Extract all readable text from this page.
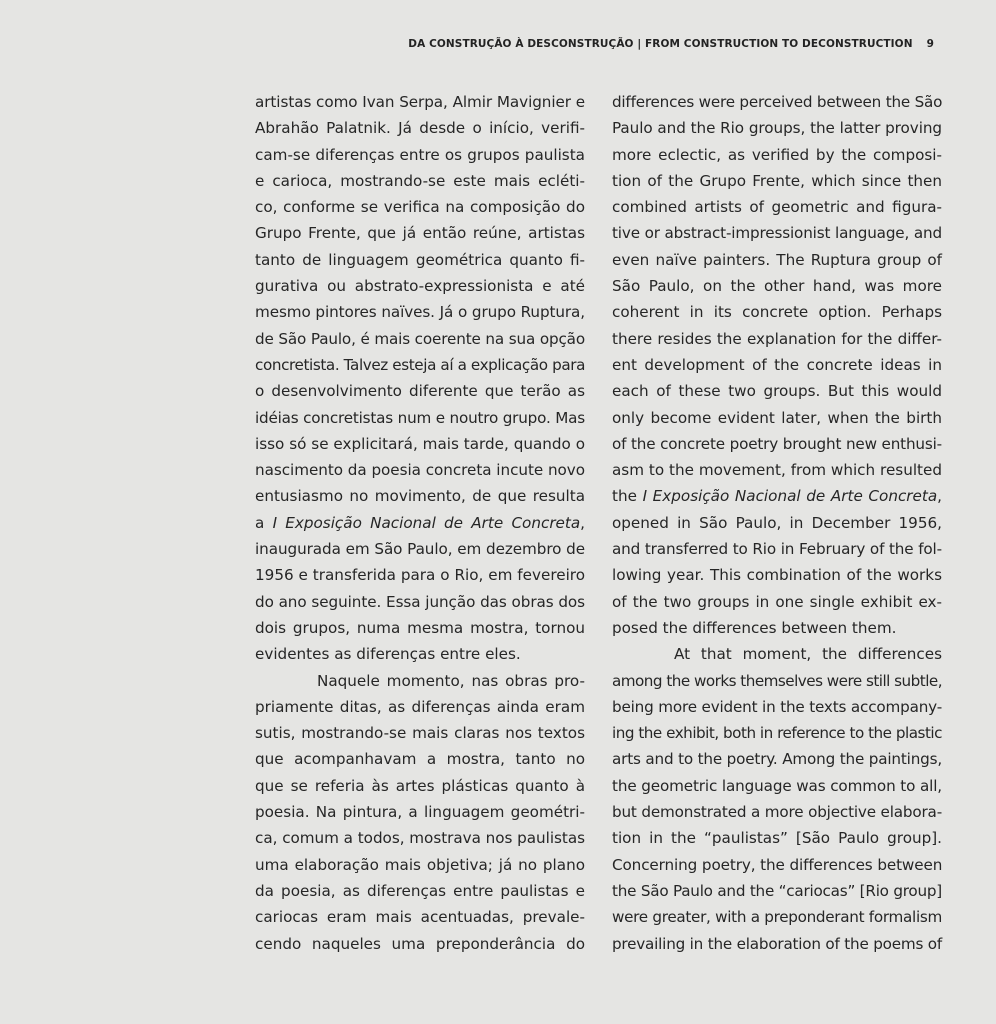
DA CONSTRUÇÃO À DESCONSTRUÇÃO | FROM CONSTRUCTION TO DECONSTRUCTION 9
artistas como Ivan Serpa, Almir Mavignier e
Abrahão Palatnik. Já desde o início, verifi-
cam-se diferenças entre os grupos paulista
e carioca, mostrando-se este mais ecléti-
co, conforme se verifica na composição do
Grupo Frente, que já então reúne, artistas
tanto de linguagem geométrica quanto fi-
gurativa ou abstrato-expressionista e até
mesmo pintores naïves. Já o grupo Ruptura,
de São Paulo, é mais coerente na sua opção
concretista. Talvez esteja aí a explicação para
o desenvolvimento diferente que terão as
idéias concretistas num e noutro grupo. Mas
isso só se explicitará, mais tarde, quando o
nascimento da poesia concreta incute novo
entusiasmo no movimento, de que resulta
a I Exposição Nacional de Arte Concreta,
inaugurada em São Paulo, em dezembro de
1956 e transferida para o Rio, em fevereiro
do ano seguinte. Essa junção das obras dos
dois grupos, numa mesma mostra, tornou
evidentes as diferenças entre eles.
Naquele momento, nas obras pro-
priamente ditas, as diferenças ainda eram
sutis, mostrando-se mais claras nos textos
que acompanhavam a mostra, tanto no
que se referia às artes plásticas quanto à
poesia. Na pintura, a linguagem geométri-
ca, comum a todos, mostrava nos paulistas
uma elaboração mais objetiva; já no plano
da poesia, as diferenças entre paulistas e
cariocas eram mais acentuadas, prevale-
cendo naqueles uma preponderância do
differences were perceived between the São
Paulo and the Rio groups, the latter proving
more eclectic, as verified by the composi-
tion of the Grupo Frente, which since then
combined artists of geometric and figura-
tive or abstract-impressionist language, and
even naïve painters. The Ruptura group of
São Paulo, on the other hand, was more
coherent in its concrete option. Perhaps
there resides the explanation for the differ-
ent development of the concrete ideas in
each of these two groups. But this would
only become evident later, when the birth
of the concrete poetry brought new enthusi-
asm to the movement, from which resulted
the I Exposição Nacional de Arte Concreta,
opened in São Paulo, in December 1956,
and transferred to Rio in February of the fol-
lowing year. This combination of the works
of the two groups in one single exhibit ex-
posed the differences between them.
At that moment, the differences
among the works themselves were still subtle,
being more evident in the texts accompany-
ing the exhibit, both in reference to the plastic
arts and to the poetry. Among the paintings,
the geometric language was common to all,
but demonstrated a more objective elabora-
tion in the “paulistas” [São Paulo group].
Concerning poetry, the differences between
the São Paulo and the “cariocas” [Rio group]
were greater, with a preponderant formalism
prevailing in the elaboration of the poems of
